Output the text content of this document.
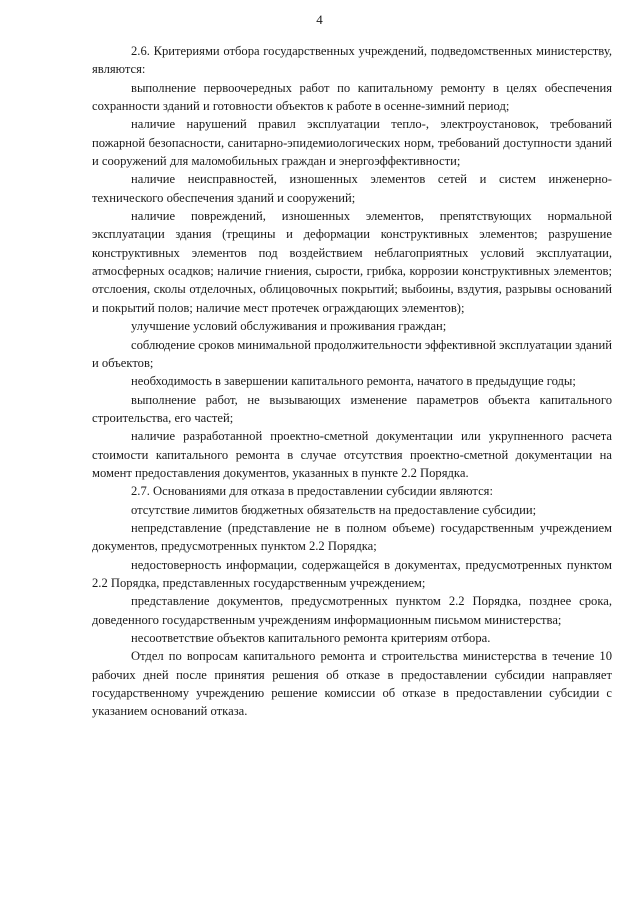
4

2.6. Критериями отбора государственных учреждений, подведомственных министерству, являются:

выполнение первоочередных работ по капитальному ремонту в целях обеспечения сохранности зданий и готовности объектов к работе в осенне-зимний период;

наличие нарушений правил эксплуатации тепло-, электроустановок, требований пожарной безопасности, санитарно-эпидемиологических норм, требований доступности зданий и сооружений для маломобильных граждан и энергоэффективности;

наличие неисправностей, изношенных элементов сетей и систем инженерно-технического обеспечения зданий и сооружений;

наличие повреждений, изношенных элементов, препятствующих нормальной эксплуатации здания (трещины и деформации конструктивных элементов; разрушение конструктивных элементов под воздействием неблагоприятных условий эксплуатации, атмосферных осадков; наличие гниения, сырости, грибка, коррозии конструктивных элементов; отслоения, сколы отделочных, облицовочных покрытий; выбоины, вздутия, разрывы оснований и покрытий полов; наличие мест протечек ограждающих элементов);

улучшение условий обслуживания и проживания граждан;

соблюдение сроков минимальной продолжительности эффективной эксплуатации зданий и объектов;

необходимость в завершении капитального ремонта, начатого в предыдущие годы;

выполнение работ, не вызывающих изменение параметров объекта капитального строительства, его частей;

наличие разработанной проектно-сметной документации или укрупненного расчета стоимости капитального ремонта в случае отсутствия проектно-сметной документации на момент предоставления документов, указанных в пункте 2.2 Порядка.

2.7. Основаниями для отказа в предоставлении субсидии являются:

отсутствие лимитов бюджетных обязательств на предоставление субсидии;

непредставление (представление не в полном объеме) государственным учреждением документов, предусмотренных пунктом 2.2 Порядка;

недостоверность информации, содержащейся в документах, предусмотренных пунктом 2.2 Порядка, представленных государственным учреждением;

представление документов, предусмотренных пунктом 2.2 Порядка, позднее срока, доведенного государственным учреждениям информационным письмом министерства;

несоответствие объектов капитального ремонта критериям отбора.

Отдел по вопросам капитального ремонта и строительства министерства в течение 10 рабочих дней после принятия решения об отказе в предоставлении субсидии направляет государственному учреждению решение комиссии об отказе в предоставлении субсидии с указанием оснований отказа.
